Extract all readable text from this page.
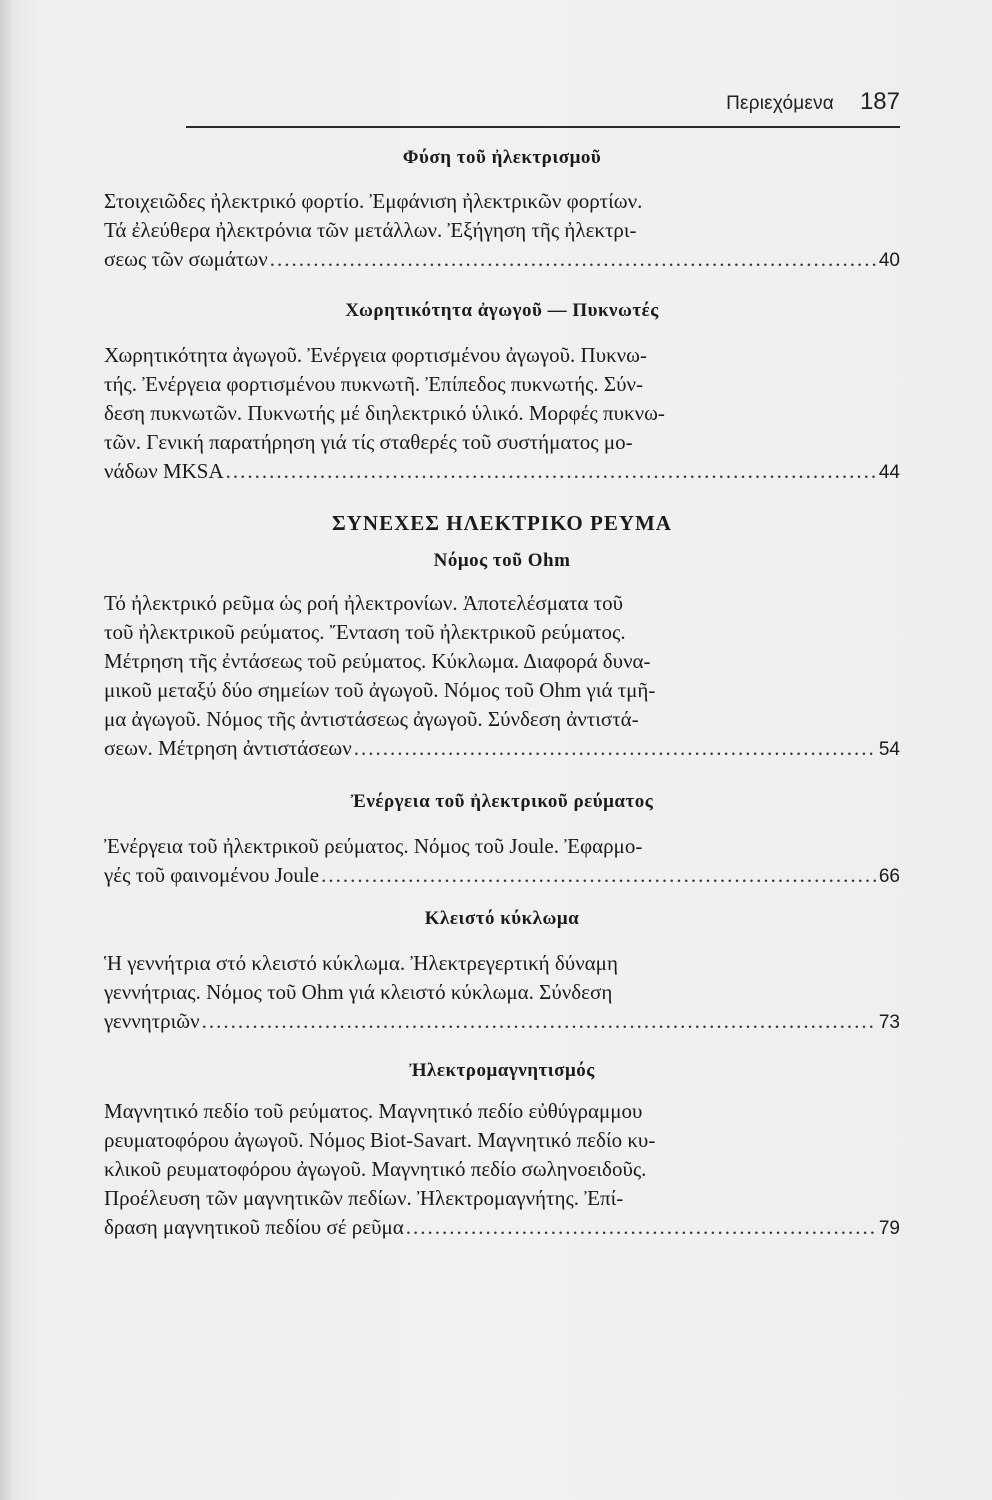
Περιεχόμενα 187

Φύση τοῦ ἠλεκτρισμοῦ

Στοιχειῶδες ἠλεκτρικό φορτίο. Ἐμφάνιση ἠλεκτρικῶν φορτίων.

Τά ἐλεύθερα ἠλεκτρόνια τῶν μετάλλων. Ἐξήγηση τῆς ἠλεκτρι-

σεως τῶν σωμάτων .....	40

Χωρητικότητα ἀγωγοῦ — Πυκνωτές

Χωρητικότητα ἀγωγοῦ. Ἐνέργεια φορτισμένου ἀγωγοῦ. Πυκνω-

τής. Ἐνέργεια φορτισμένου πυκνωτῆ. Ἐπίπεδος πυκνωτής. Σύν-

δεση πυκνωτῶν. Πυκνωτής μέ διηλεκτρικό ὑλικό. Μορφές πυκνω-

τῶν. Γενική παρατήρηση γιά τίς σταθερές τοῦ συστήματος μο-

νάδων MKSA .....	44

ΣΥΝΕΧΕΣ ΗΛΕΚΤΡΙΚΟ ΡΕΥΜΑ

Νόμος τοῦ Ohm

Τό ἠλεκτρικό ρεῦμα ὡς ροή ἠλεκτρονίων. Ἀποτελέσματα τοῦ

τοῦ ἠλεκτρικοῦ ρεύματος. Ἔνταση τοῦ ἠλεκτρικοῦ ρεύματος.

Μέτρηση τῆς ἐντάσεως τοῦ ρεύματος. Κύκλωμα. Διαφορά δυνα-

μικοῦ μεταξύ δύο σημείων τοῦ ἀγωγοῦ. Νόμος τοῦ Ohm γιά τμῆ-

μα ἀγωγοῦ. Νόμος τῆς ἀντιστάσεως ἀγωγοῦ. Σύνδεση ἀντιστά-

σεων. Μέτρηση ἀντιστάσεων .....	54

Ἐνέργεια τοῦ ἠλεκτρικοῦ ρεύματος

Ἐνέργεια τοῦ ἠλεκτρικοῦ ρεύματος. Νόμος τοῦ Joule. Ἐφαρμο-

γές τοῦ φαινομένου Joule .....	66

Κλειστό κύκλωμα

Ἡ γεννήτρια στό κλειστό κύκλωμα. Ἠλεκτρεγερτική δύναμη

γεννήτριας. Νόμος τοῦ Ohm γιά κλειστό κύκλωμα. Σύνδεση

γεννητριῶν .....	73

Ἠλεκτρομαγνητισμός

Μαγνητικό πεδίο τοῦ ρεύματος. Μαγνητικό πεδίο εὐθύγραμμου

ρευματοφόρου ἀγωγοῦ. Νόμος Biot-Savart. Μαγνητικό πεδίο κυ-

κλικοῦ ρευματοφόρου ἀγωγοῦ. Μαγνητικό πεδίο σωληνοειδοῦς.

Προέλευση τῶν μαγνητικῶν πεδίων. Ἠλεκτρομαγνήτης. Ἐπί-

δραση μαγνητικοῦ πεδίου σέ ρεῦμα .....	79
